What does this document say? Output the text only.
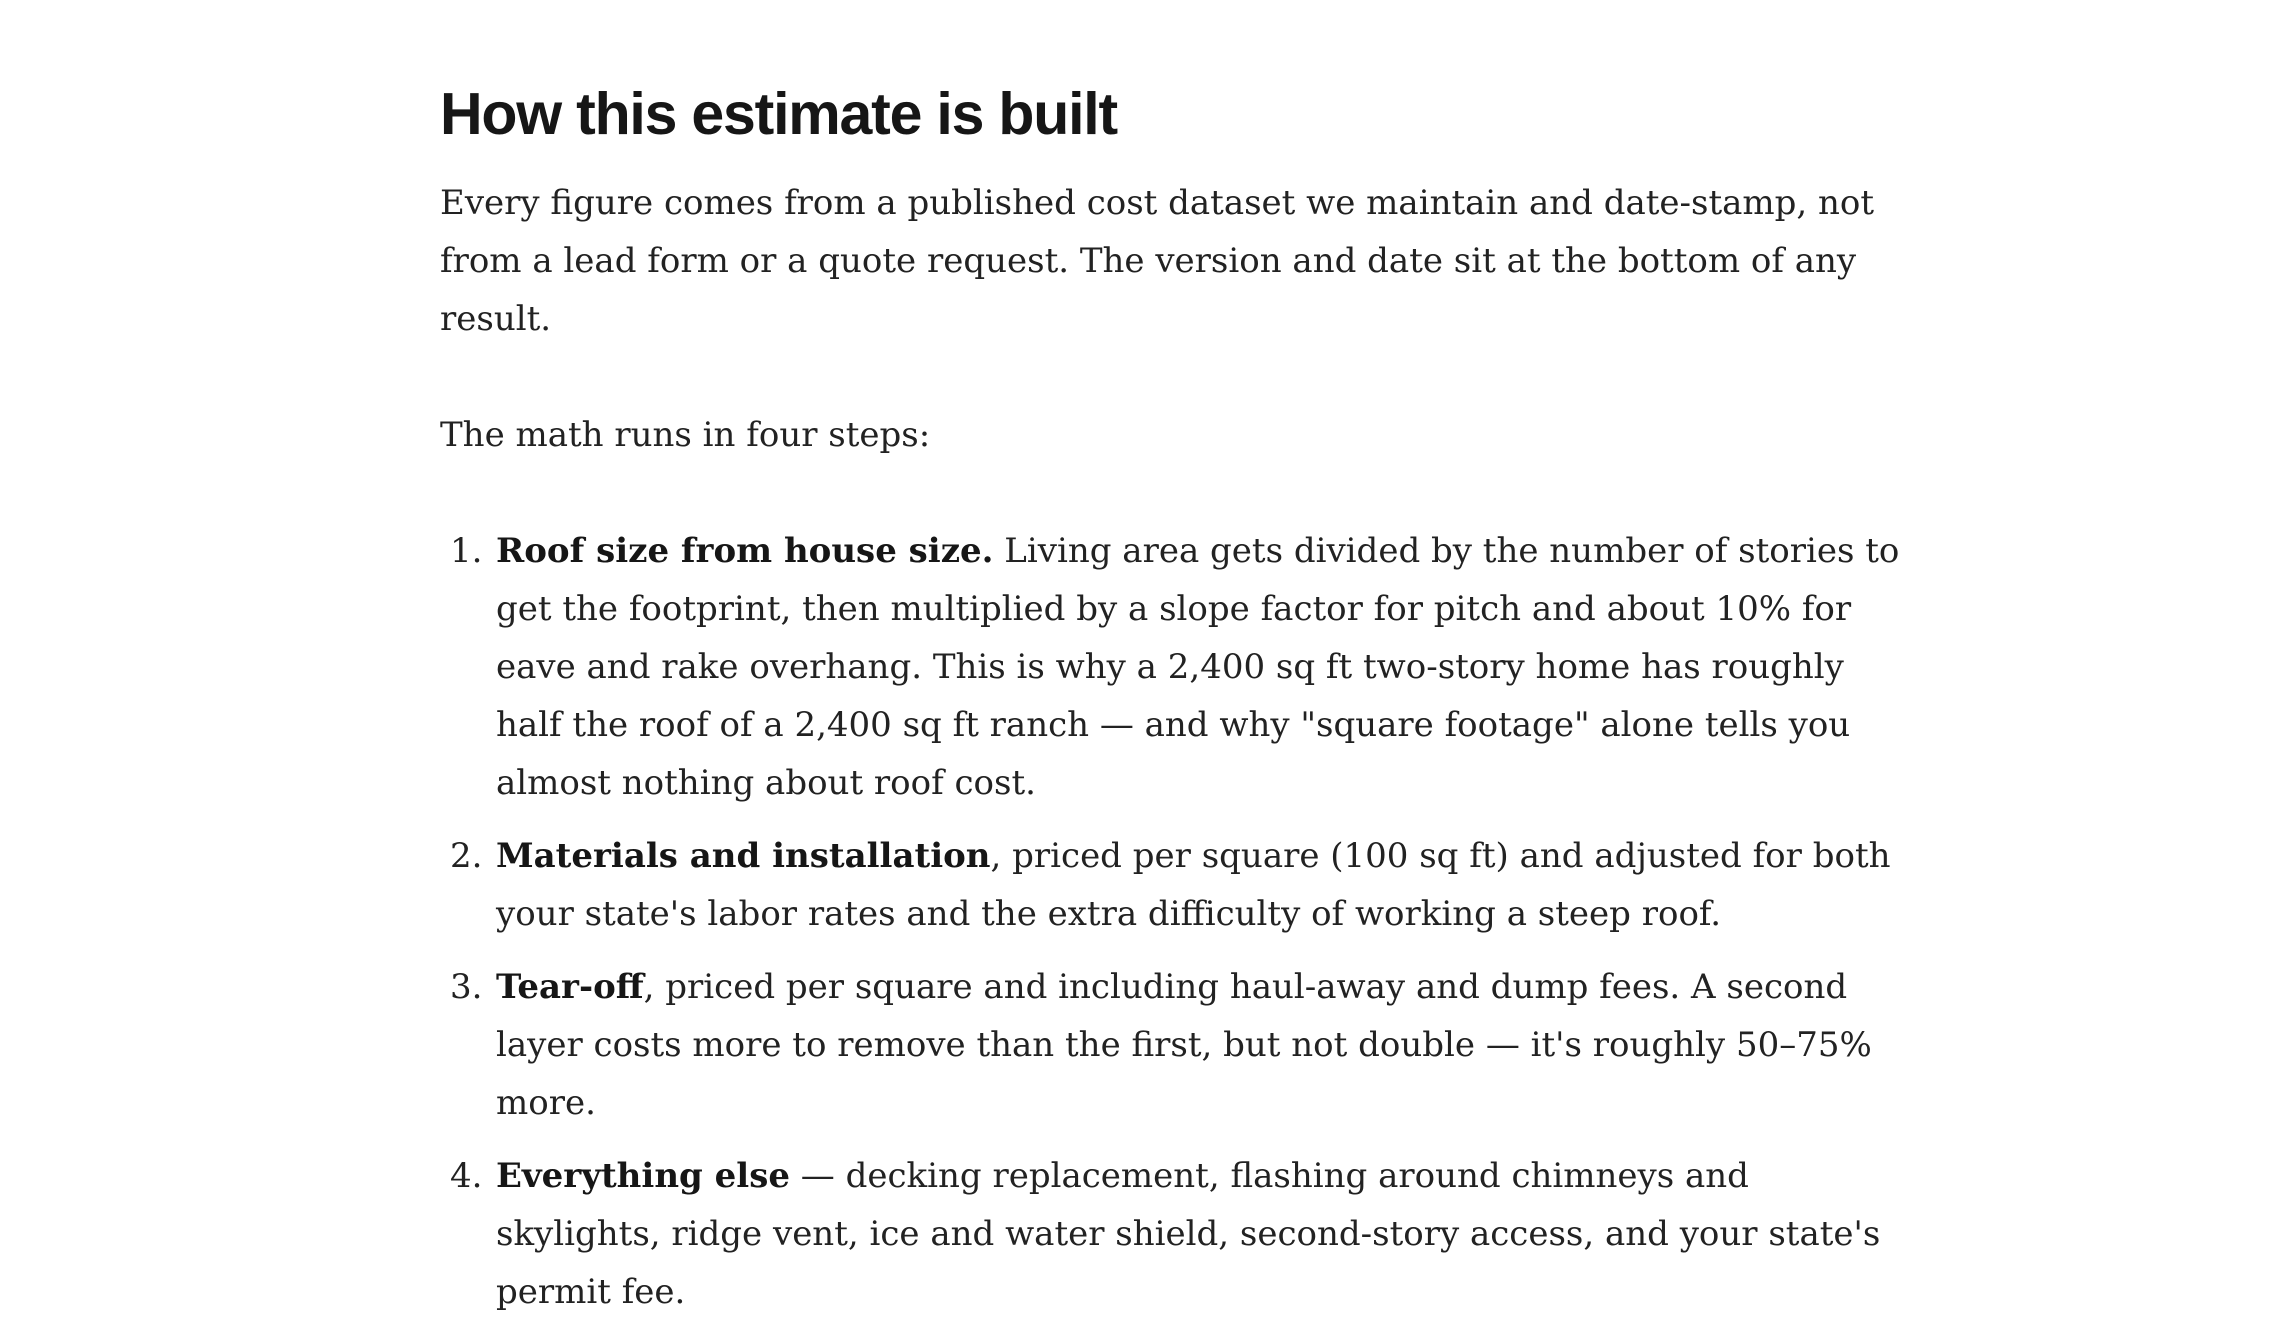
How this estimate is built

Every figure comes from a published cost dataset we maintain and date-stamp, not from a lead form or a quote request. The version and date sit at the bottom of any result.

The math runs in four steps:

1. Roof size from house size. Living area gets divided by the number of stories to get the footprint, then multiplied by a slope factor for pitch and about 10% for eave and rake overhang. This is why a 2,400 sq ft two-story home has roughly half the roof of a 2,400 sq ft ranch — and why "square footage" alone tells you almost nothing about roof cost.
2. Materials and installation, priced per square (100 sq ft) and adjusted for both your state's labor rates and the extra difficulty of working a steep roof.
3. Tear-off, priced per square and including haul-away and dump fees. A second layer costs more to remove than the first, but not double — it's roughly 50–75% more.
4. Everything else — decking replacement, flashing around chimneys and skylights, ridge vent, ice and water shield, second-story access, and your state's permit fee.
